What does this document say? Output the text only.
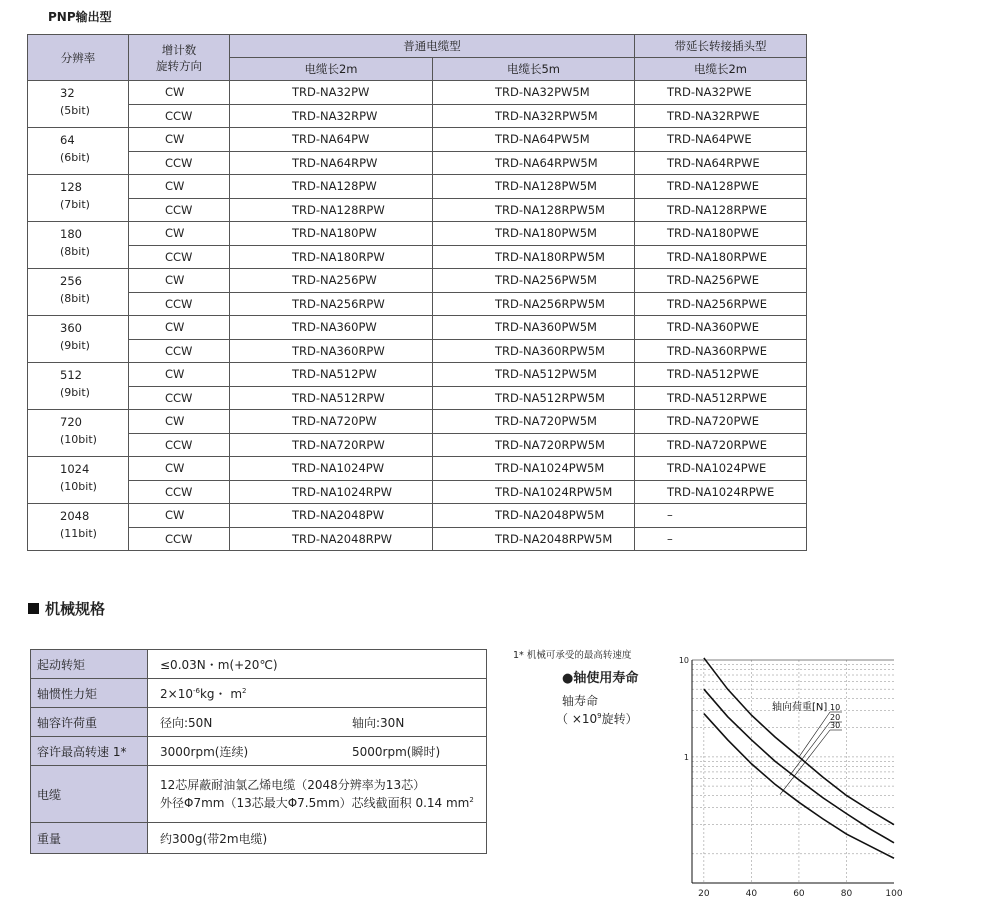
PNP输出型
分辨率	增计数
旋转方向	普通电缆型		带延长转接插头型
		电缆长2m	电缆长5m	电缆长2m

32
(5bit)	CW	TRD-NA32PW	TRD-NA32PW5M	TRD-NA32PWE
	CCW	TRD-NA32RPW	TRD-NA32RPW5M	TRD-NA32RPWE

64
(6bit)	CW	TRD-NA64PW	TRD-NA64PW5M	TRD-NA64PWE
	CCW	TRD-NA64RPW	TRD-NA64RPW5M	TRD-NA64RPWE

128
(7bit)	CW	TRD-NA128PW	TRD-NA128PW5M	TRD-NA128PWE
	CCW	TRD-NA128RPW	TRD-NA128RPW5M	TRD-NA128RPWE

180
(8bit)	CW	TRD-NA180PW	TRD-NA180PW5M	TRD-NA180PWE
	CCW	TRD-NA180RPW	TRD-NA180RPW5M	TRD-NA180RPWE

256
(8bit)	CW	TRD-NA256PW	TRD-NA256PW5M	TRD-NA256PWE
	CCW	TRD-NA256RPW	TRD-NA256RPW5M	TRD-NA256RPWE

360
(9bit)	CW	TRD-NA360PW	TRD-NA360PW5M	TRD-NA360PWE
	CCW	TRD-NA360RPW	TRD-NA360RPW5M	TRD-NA360RPWE

512
(9bit)	CW	TRD-NA512PW	TRD-NA512PW5M	TRD-NA512PWE
	CCW	TRD-NA512RPW	TRD-NA512RPW5M	TRD-NA512RPWE

720
(10bit)	CW	TRD-NA720PW	TRD-NA720PW5M	TRD-NA720PWE
	CCW	TRD-NA720RPW	TRD-NA720RPW5M	TRD-NA720RPWE

1024
(10bit)	CW	TRD-NA1024PW	TRD-NA1024PW5M	TRD-NA1024PWE
	CCW	TRD-NA1024RPW	TRD-NA1024RPW5M	TRD-NA1024RPWE

2048
(11bit)	CW	TRD-NA2048PW	TRD-NA2048PW5M	–
	CCW	TRD-NA2048RPW	TRD-NA2048RPW5M	–
机械规格
起动转矩	≤0.03N・m(+20℃)
轴惯性力矩	$2\times 10^{-6}kg$・ $m^2$
轴容许荷重	径向:50N 轴向:30N

容许最高转速 1*	3000rpm(连续) 5000rpm(瞬时)

电缆	12芯屏蔽耐油氯乙烯电缆（2048分辨率为13芯）
外径Φ7mm（13芯最大Φ7.5mm）芯线截面积 0.14 $mm^2$

重量	约300g(带2m电缆)
1* 机械可承受的最高转速度
●轴使用寿命
轴寿命
（ $\times 10^9$旋转）
20	40	60	80	100
10
1
轴向荷重[N] 10
20
30
